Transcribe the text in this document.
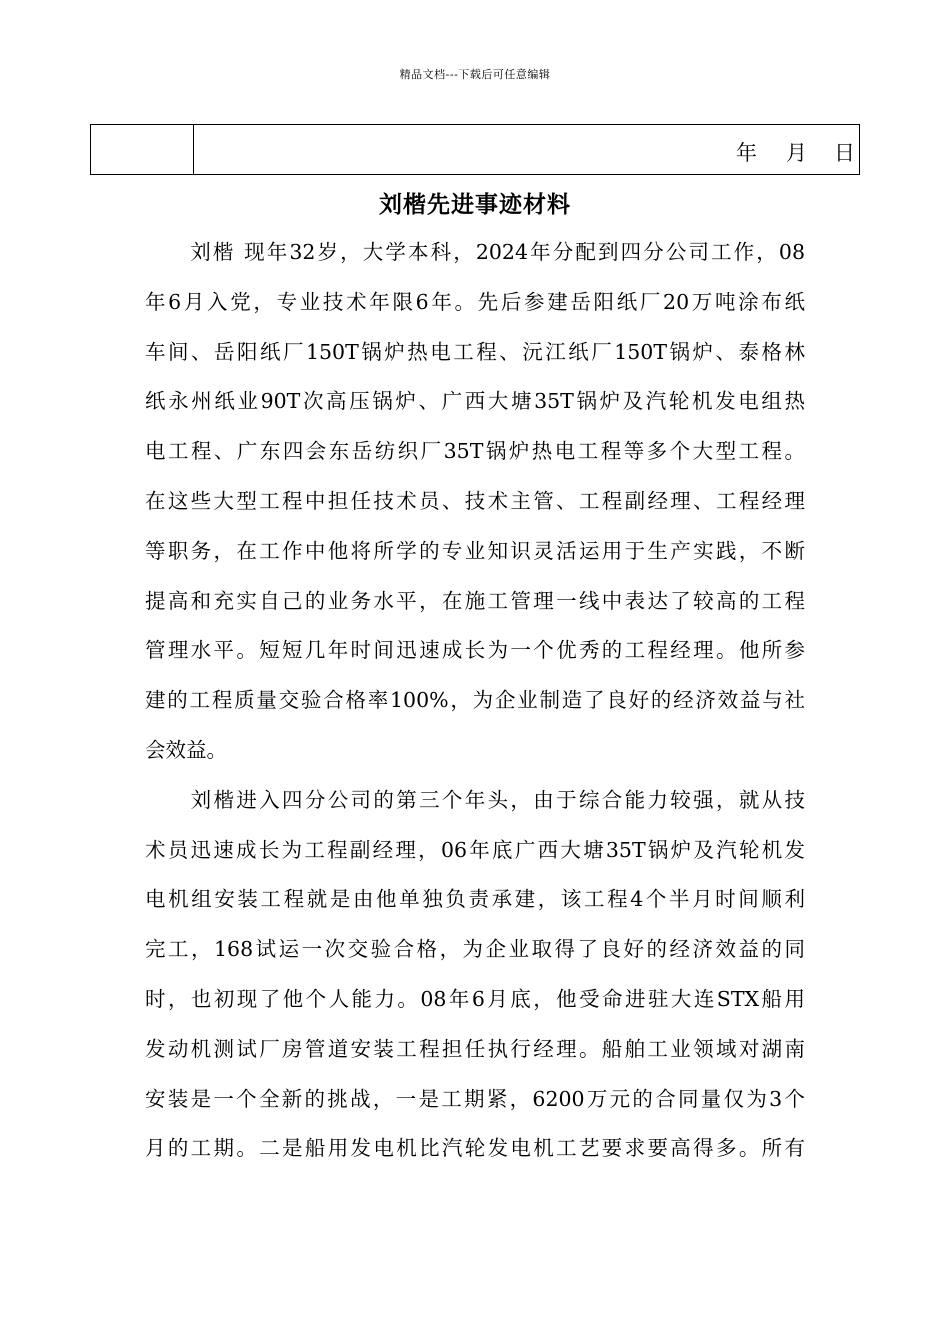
精品文档---下载后可任意编辑

年 月 日
刘楷先进事迹材料
　　刘楷 现年32岁，大学本科，2024年分配到四分公司工作，08
年6月入党，专业技术年限6年。先后参建岳阳纸厂20万吨涂布纸
车间、岳阳纸厂150T锅炉热电工程、沅江纸厂150T锅炉、泰格林
纸永州纸业90T次高压锅炉、广西大塘35T锅炉及汽轮机发电组热
电工程、广东四会东岳纺织厂35T锅炉热电工程等多个大型工程。
在这些大型工程中担任技术员、技术主管、工程副经理、工程经理
等职务，在工作中他将所学的专业知识灵活运用于生产实践，不断
提高和充实自己的业务水平，在施工管理一线中表达了较高的工程
管理水平。短短几年时间迅速成长为一个优秀的工程经理。他所参
建的工程质量交验合格率100%，为企业制造了良好的经济效益与社
会效益。
　　刘楷进入四分公司的第三个年头，由于综合能力较强，就从技
术员迅速成长为工程副经理，06年底广西大塘35T锅炉及汽轮机发
电机组安装工程就是由他单独负责承建，该工程4个半月时间顺利
完工，168试运一次交验合格，为企业取得了良好的经济效益的同
时，也初现了他个人能力。08年6月底，他受命进驻大连STX船用
发动机测试厂房管道安装工程担任执行经理。船舶工业领域对湖南
安装是一个全新的挑战，一是工期紧，6200万元的合同量仅为3个
月的工期。二是船用发电机比汽轮发电机工艺要求要高得多。所有
